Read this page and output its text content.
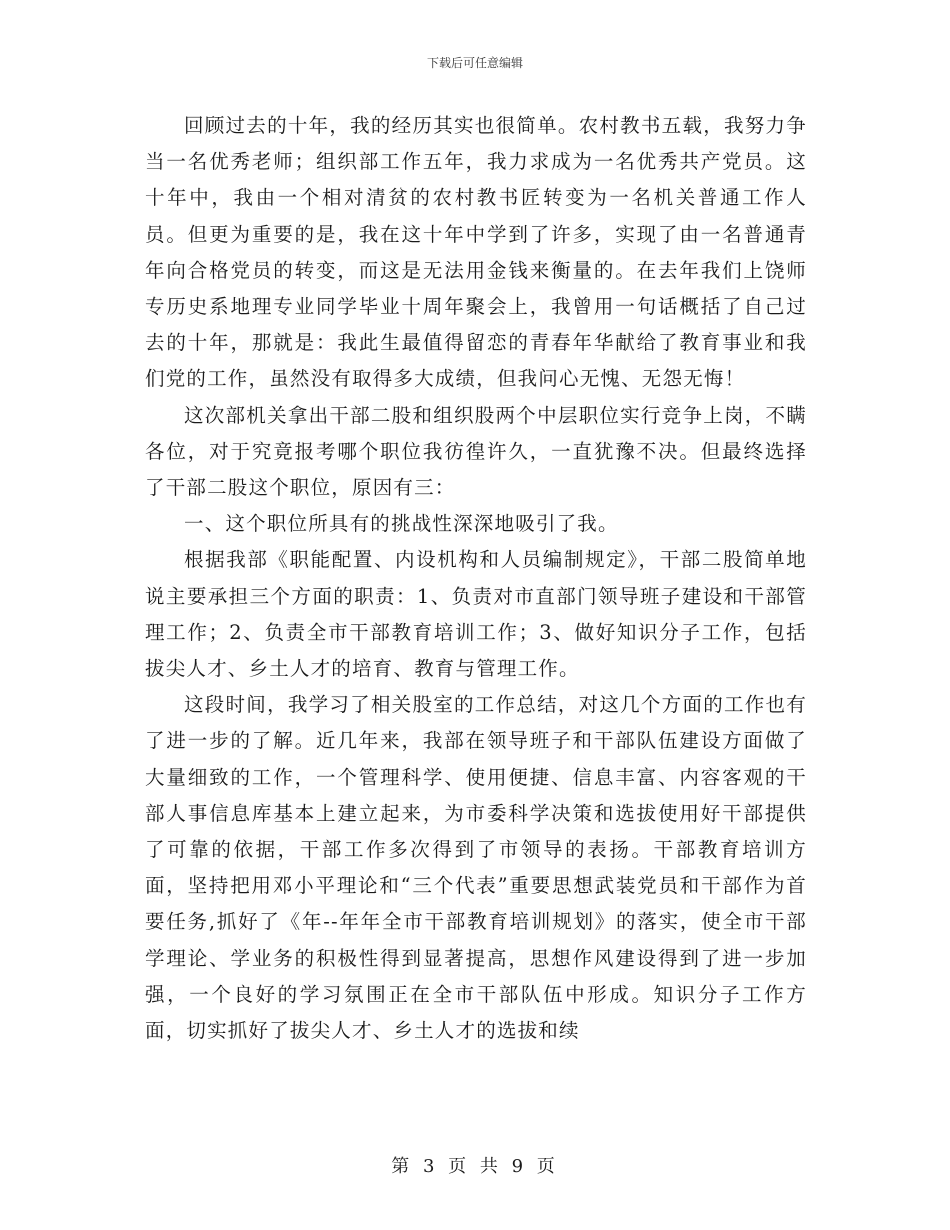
下载后可任意编辑

回顾过去的十年，我的经历其实也很简单。农村教书五载，我努力争当一名优秀老师；组织部工作五年，我力求成为一名优秀共产党员。这十年中，我由一个相对清贫的农村教书匠转变为一名机关普通工作人员。但更为重要的是，我在这十年中学到了许多，实现了由一名普通青年向合格党员的转变，而这是无法用金钱来衡量的。在去年我们上饶师专历史系地理专业同学毕业十周年聚会上，我曾用一句话概括了自己过去的十年，那就是：我此生最值得留恋的青春年华献给了教育事业和我们党的工作，虽然没有取得多大成绩，但我问心无愧、无怨无悔！

这次部机关拿出干部二股和组织股两个中层职位实行竞争上岗，不瞒各位，对于究竟报考哪个职位我彷徨许久，一直犹豫不决。但最终选择了干部二股这个职位，原因有三：

一、这个职位所具有的挑战性深深地吸引了我。

根据我部《职能配置、内设机构和人员编制规定》，干部二股简单地说主要承担三个方面的职责：1、负责对市直部门领导班子建设和干部管理工作；2、负责全市干部教育培训工作；3、做好知识分子工作，包括拔尖人才、乡土人才的培育、教育与管理工作。

这段时间，我学习了相关股室的工作总结，对这几个方面的工作也有了进一步的了解。近几年来，我部在领导班子和干部队伍建设方面做了大量细致的工作，一个管理科学、使用便捷、信息丰富、内容客观的干部人事信息库基本上建立起来，为市委科学决策和选拔使用好干部提供了可靠的依据，干部工作多次得到了市领导的表扬。干部教育培训方面，坚持把用邓小平理论和“三个代表”重要思想武装党员和干部作为首要任务,抓好了《年--年年全市干部教育培训规划》的落实，使全市干部学理论、学业务的积极性得到显著提高，思想作风建设得到了进一步加强，一个良好的学习氛围正在全市干部队伍中形成。知识分子工作方面，切实抓好了拔尖人才、乡土人才的选拔和续

第 3 页 共 9 页
